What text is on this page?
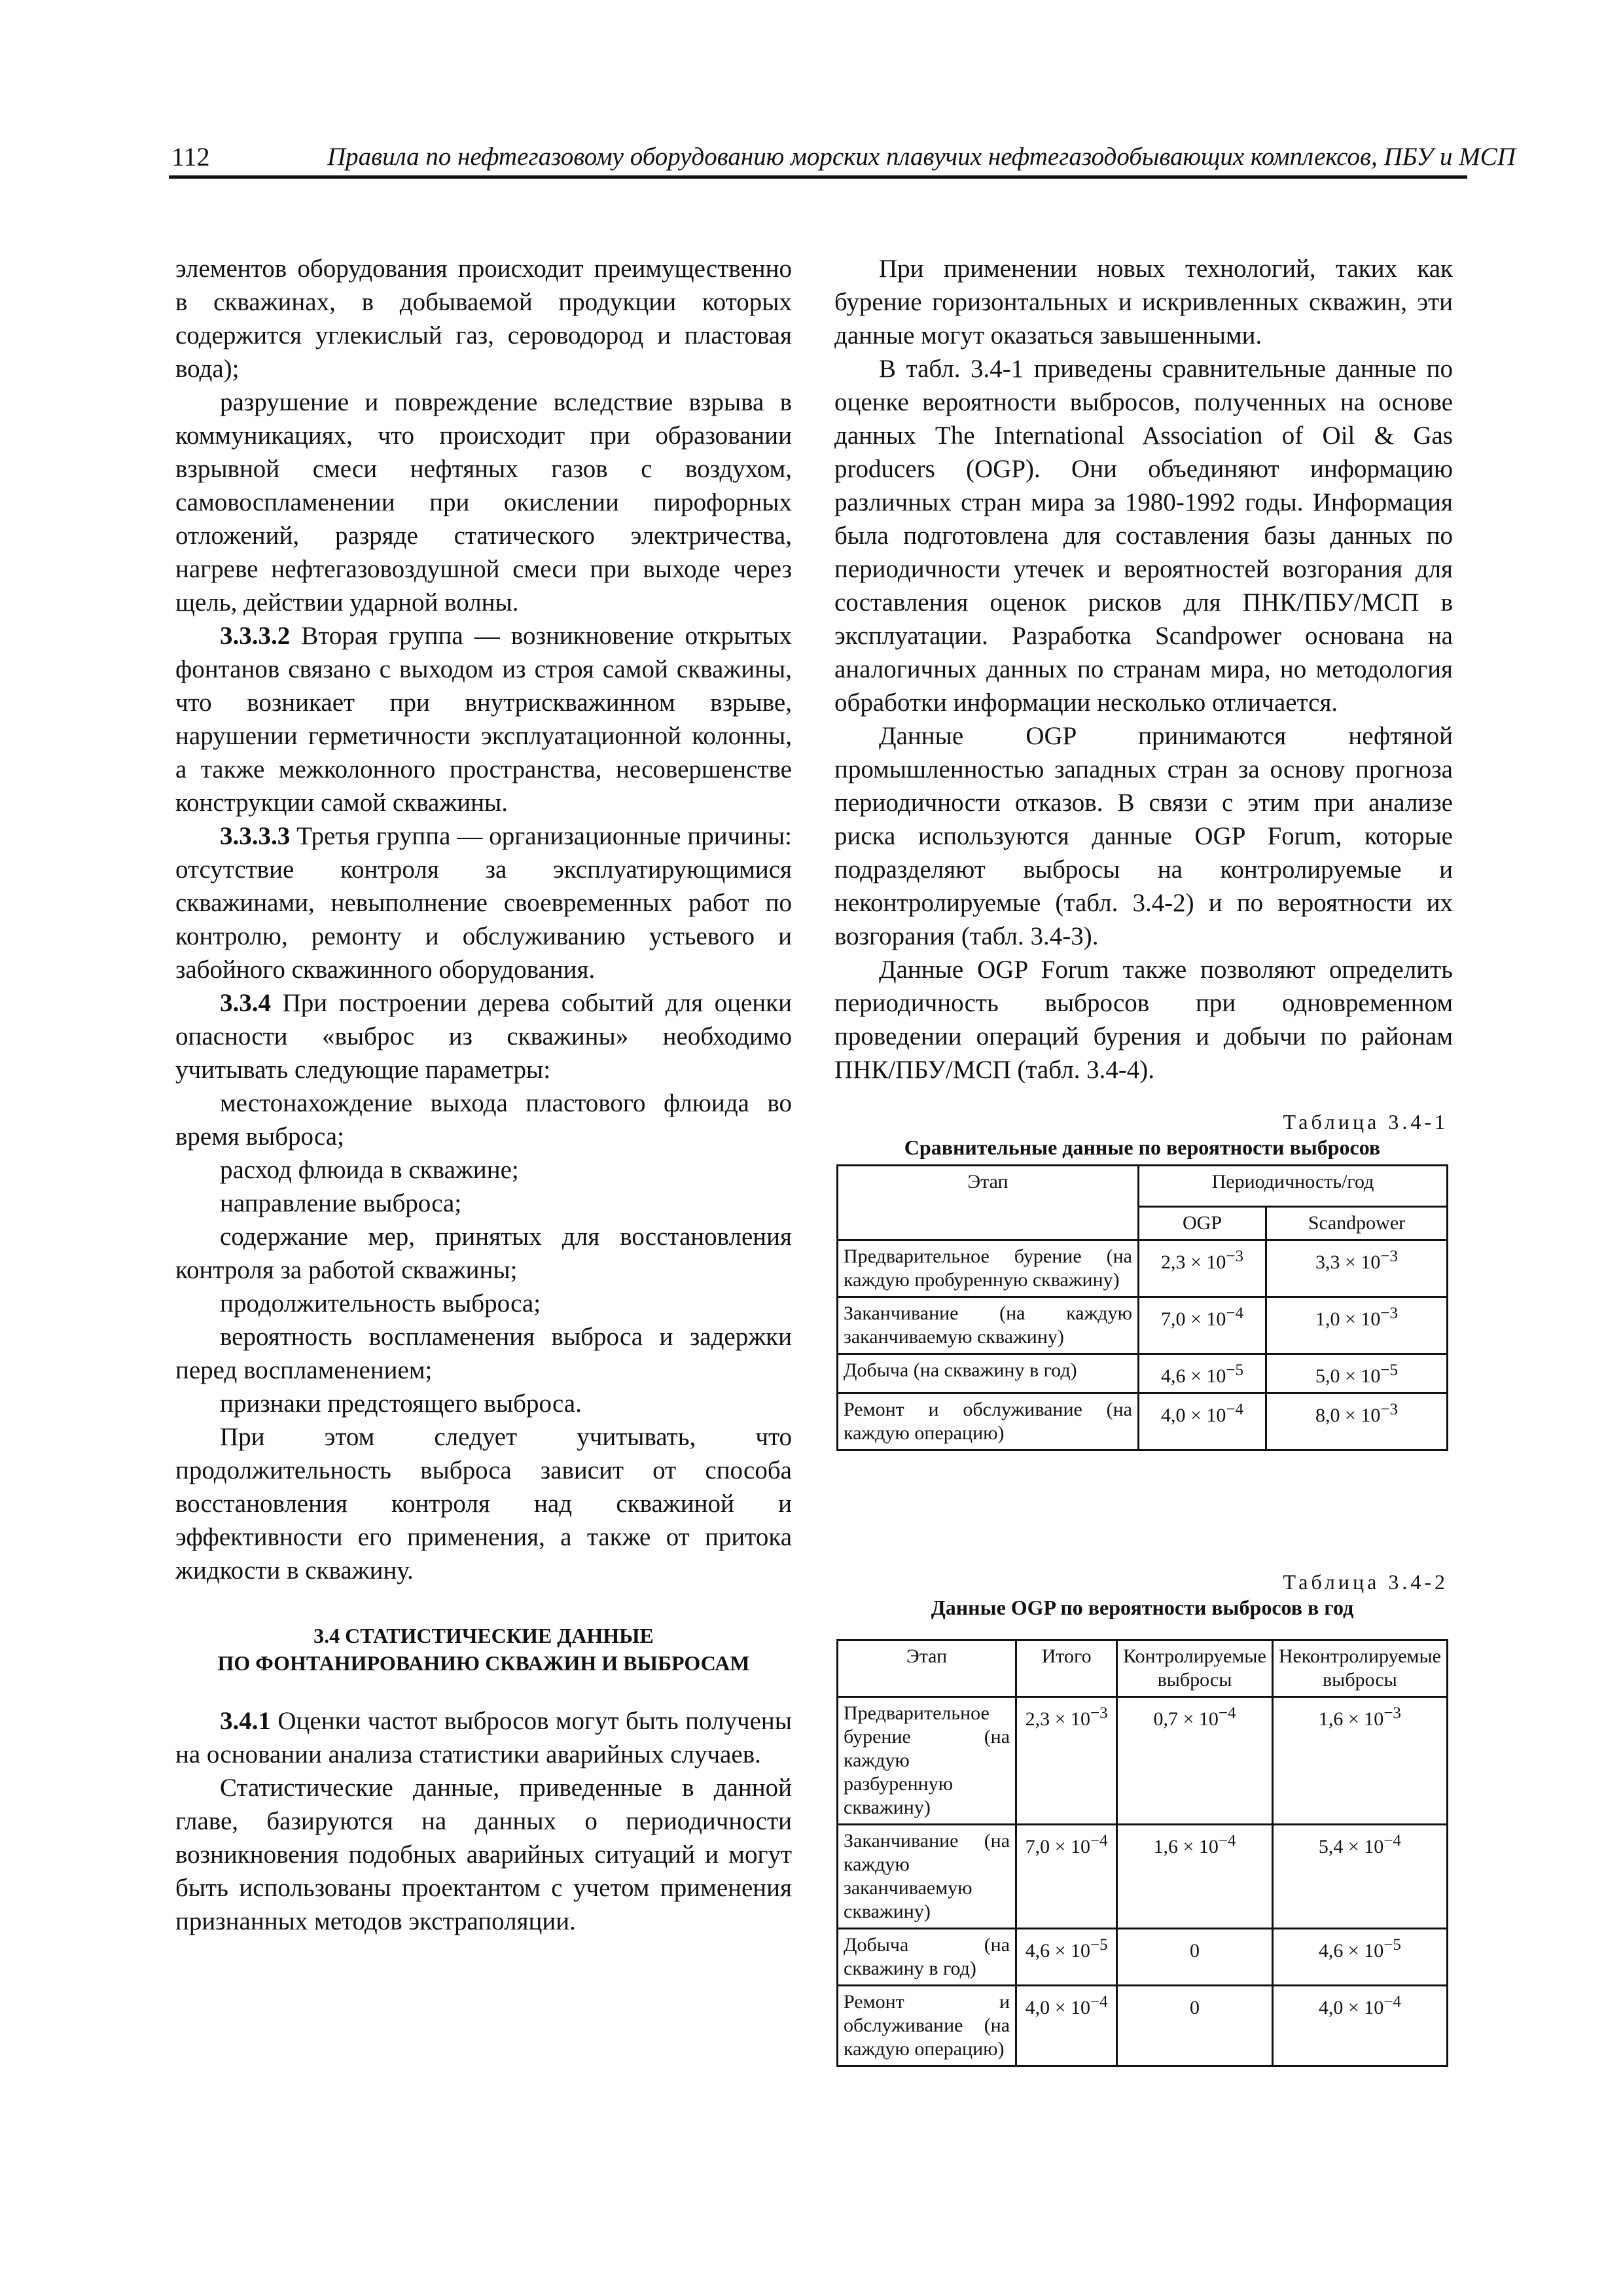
112	Правила по нефтегазовому оборудованию морских плавучих нефтегазодобывающих комплексов, ПБУ и МСП

элементов оборудования происходит преимущественно в скважинах, в добываемой продукции которых содержится углекислый газ, сероводород и пластовая вода);

разрушение и повреждение вследствие взрыва в коммуникациях, что происходит при образовании взрывной смеси нефтяных газов с воздухом, самовоспламенении при окислении пирофорных отложений, разряде статического электричества, нагреве нефтегазовоздушной смеси при выходе через щель, действии ударной волны.

3.3.3.2 Вторая группа — возникновение открытых фонтанов связано с выходом из строя самой скважины, что возникает при внутрискважинном взрыве, нарушении герметичности эксплуатационной колонны, а также межколонного пространства, несовершенстве конструкции самой скважины.

3.3.3.3 Третья группа — организационные причины: отсутствие контроля за эксплуатирующимися скважинами, невыполнение своевременных работ по контролю, ремонту и обслуживанию устьевого и забойного скважинного оборудования.

3.3.4 При построении дерева событий для оценки опасности «выброс из скважины» необходимо учитывать следующие параметры:

местонахождение выхода пластового флюида во время выброса;

расход флюида в скважине;

направление выброса;

содержание мер, принятых для восстановления контроля за работой скважины;

продолжительность выброса;

вероятность воспламенения выброса и задержки перед воспламенением;

признаки предстоящего выброса.

При этом следует учитывать, что продолжительность выброса зависит от способа восстановления контроля над скважиной и эффективности его применения, а также от притока жидкости в скважину.

3.4 СТАТИСТИЧЕСКИЕ ДАННЫЕ

ПО ФОНТАНИРОВАНИЮ СКВАЖИН И ВЫБРОСАМ

3.4.1 Оценки частот выбросов могут быть получены на основании анализа статистики аварийных случаев.

Статистические данные, приведенные в данной главе, базируются на данных о периодичности возникновения подобных аварийных ситуаций и могут быть использованы проектантом с учетом применения признанных методов экстраполяции.

При применении новых технологий, таких как бурение горизонтальных и искривленных скважин, эти данные могут оказаться завышенными.

В табл. 3.4-1 приведены сравнительные данные по оценке вероятности выбросов, полученных на основе данных The International Association of Oil & Gas producers (OGP). Они объединяют информацию различных стран мира за 1980-1992 годы. Информация была подготовлена для составления базы данных по периодичности утечек и вероятностей возгорания для составления оценок рисков для ПНК/ПБУ/МСП в эксплуатации. Разработка Scandpower основана на аналогичных данных по странам мира, но методология обработки информации несколько отличается.

Данные OGP принимаются нефтяной промышленностью западных стран за основу прогноза периодичности отказов. В связи с этим при анализе риска используются данные OGP Forum, которые подразделяют выбросы на контролируемые и неконтролируемые (табл. 3.4-2) и по вероятности их возгорания (табл. 3.4-3).

Данные OGP Forum также позволяют определить периодичность выбросов при одновременном проведении операций бурения и добычи по районам ПНК/ПБУ/МСП (табл. 3.4-4).

Таблица 3.4-1
Сравнительные данные по вероятности выбросов
Этап	Периодичность/год	
	OGP	Scandpower
Предварительное бурение (на каждую пробуренную скважину)	$2,3 \times 10^{-3}$	$3,3 \times 10^{-3}$
Заканчивание (на каждую заканчиваемую скважину)	$7,0 \times 10^{-4}$	$1,0 \times 10^{-3}$
Добыча (на скважину в год)	$4,6 \times 10^{-5}$	$5,0 \times 10^{-5}$
Ремонт и обслуживание (на каждую операцию)	$4,0 \times 10^{-4}$	$8,0 \times 10^{-3}$
Таблица 3.4-2
Данные OGP по вероятности выбросов в год
Этап	Итого	Контролируемые выбросы	Неконтролируемые выбросы
Предварительное бурение (на каждую разбуренную скважину)	$2,3 \times 10^{-3}$	$0,7 \times 10^{-4}$	$1,6 \times 10^{-3}$
Заканчивание (на каждую заканчиваемую скважину)	$7,0 \times 10^{-4}$	$1,6 \times 10^{-4}$	$5,4 \times 10^{-4}$
Добыча (на скважину в год)	$4,6 \times 10^{-5}$	0	$4,6 \times 10^{-5}$
Ремонт и обслуживание (на каждую операцию)	$4,0 \times 10^{-4}$	0	$4,0 \times 10^{-4}$
